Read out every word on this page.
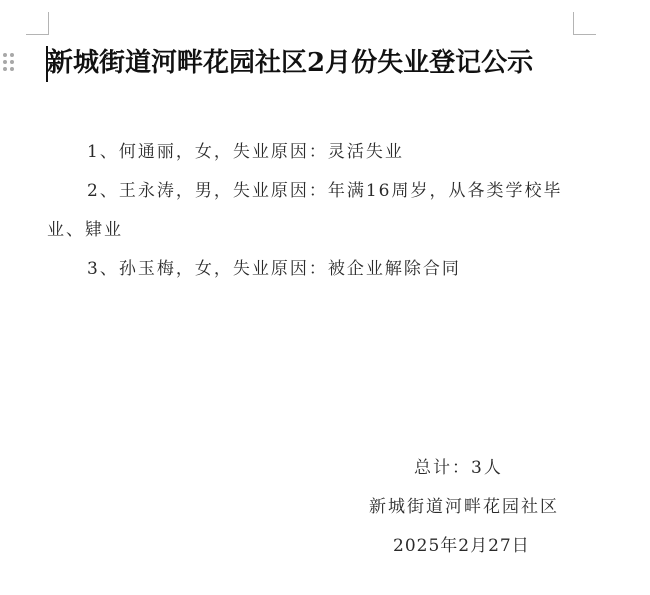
新城街道河畔花园社区2月份失业登记公示

1、何通丽，女，失业原因：灵活失业

2、王永涛，男，失业原因：年满16周岁，从各类学校毕业、肄业

3、孙玉梅，女，失业原因：被企业解除合同

总计：3人
新城街道河畔花园社区
2025年2月27日
